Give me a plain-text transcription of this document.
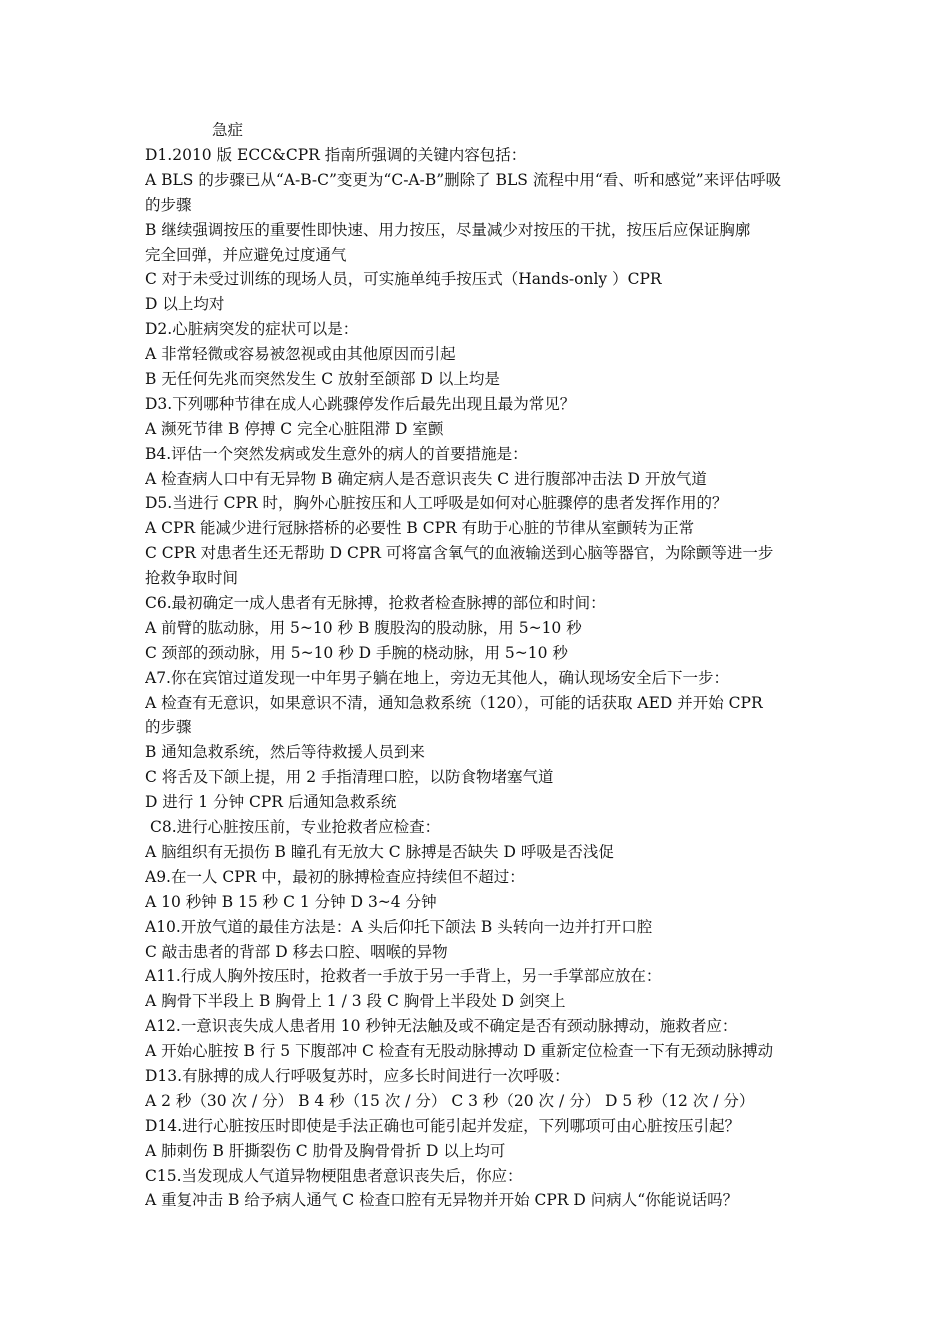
急症
D1.2010 版 ECC&CPR 指南所强调的关键内容包括：
A BLS 的步骤已从“A-B-C”变更为“C-A-B”删除了 BLS 流程中用“看、听和感觉”来评估呼吸
的步骤
B 继续强调按压的重要性即快速、用力按压，尽量减少对按压的干扰，按压后应保证胸廓
完全回弹，并应避免过度通气
C 对于未受过训练的现场人员，可实施单纯手按压式（Hands-only ）CPR
D 以上均对
D2.心脏病突发的症状可以是：
A 非常轻微或容易被忽视或由其他原因而引起
B 无任何先兆而突然发生 C 放射至颌部 D 以上均是
D3.下列哪种节律在成人心跳骤停发作后最先出现且最为常见？
A 濒死节律 B 停搏 C 完全心脏阻滞 D 室颤
B4.评估一个突然发病或发生意外的病人的首要措施是：
A 检查病人口中有无异物 B 确定病人是否意识丧失 C 进行腹部冲击法 D 开放气道
D5.当进行 CPR 时，胸外心脏按压和人工呼吸是如何对心脏骤停的患者发挥作用的？
A CPR 能减少进行冠脉搭桥的必要性 B CPR 有助于心脏的节律从室颤转为正常
C CPR 对患者生还无帮助 D CPR 可将富含氧气的血液输送到心脑等器官，为除颤等进一步
抢救争取时间
C6.最初确定一成人患者有无脉搏，抢救者检查脉搏的部位和时间：
A 前臂的肱动脉，用 5~10 秒 B 腹股沟的股动脉，用 5~10 秒
C 颈部的颈动脉，用 5~10 秒 D 手腕的桡动脉，用 5~10 秒
A7.你在宾馆过道发现一中年男子躺在地上，旁边无其他人，确认现场安全后下一步：
A 检查有无意识，如果意识不清，通知急救系统（120），可能的话获取 AED 并开始 CPR
的步骤
B 通知急救系统，然后等待救援人员到来
C 将舌及下颌上提，用 2 手指清理口腔，以防食物堵塞气道
D 进行 1 分钟 CPR 后通知急救系统
C8.进行心脏按压前，专业抢救者应检查：
A 脑组织有无损伤 B 瞳孔有无放大 C 脉搏是否缺失 D 呼吸是否浅促
A9.在一人 CPR 中，最初的脉搏检查应持续但不超过：
A 10 秒钟 B 15 秒 C 1 分钟 D 3~4 分钟
A10.开放气道的最佳方法是：A 头后仰托下颌法 B 头转向一边并打开口腔
C 敲击患者的背部 D 移去口腔、咽喉的异物
A11.行成人胸外按压时，抢救者一手放于另一手背上，另一手掌部应放在：
A 胸骨下半段上 B 胸骨上 1 / 3 段 C 胸骨上半段处 D 剑突上
A12.一意识丧失成人患者用 10 秒钟无法触及或不确定是否有颈动脉搏动，施救者应：
A 开始心脏按 B 行 5 下腹部冲 C 检查有无股动脉搏动 D 重新定位检查一下有无颈动脉搏动
D13.有脉搏的成人行呼吸复苏时，应多长时间进行一次呼吸：
A 2 秒（30 次 / 分） B 4 秒（15 次 / 分） C 3 秒（20 次 / 分） D 5 秒（12 次 / 分）
D14.进行心脏按压时即使是手法正确也可能引起并发症，下列哪项可由心脏按压引起？
A 肺刺伤 B 肝撕裂伤 C 肋骨及胸骨骨折 D 以上均可
C15.当发现成人气道异物梗阻患者意识丧失后，你应：
A 重复冲击 B 给予病人通气 C 检查口腔有无异物并开始 CPR D 问病人“你能说话吗？
